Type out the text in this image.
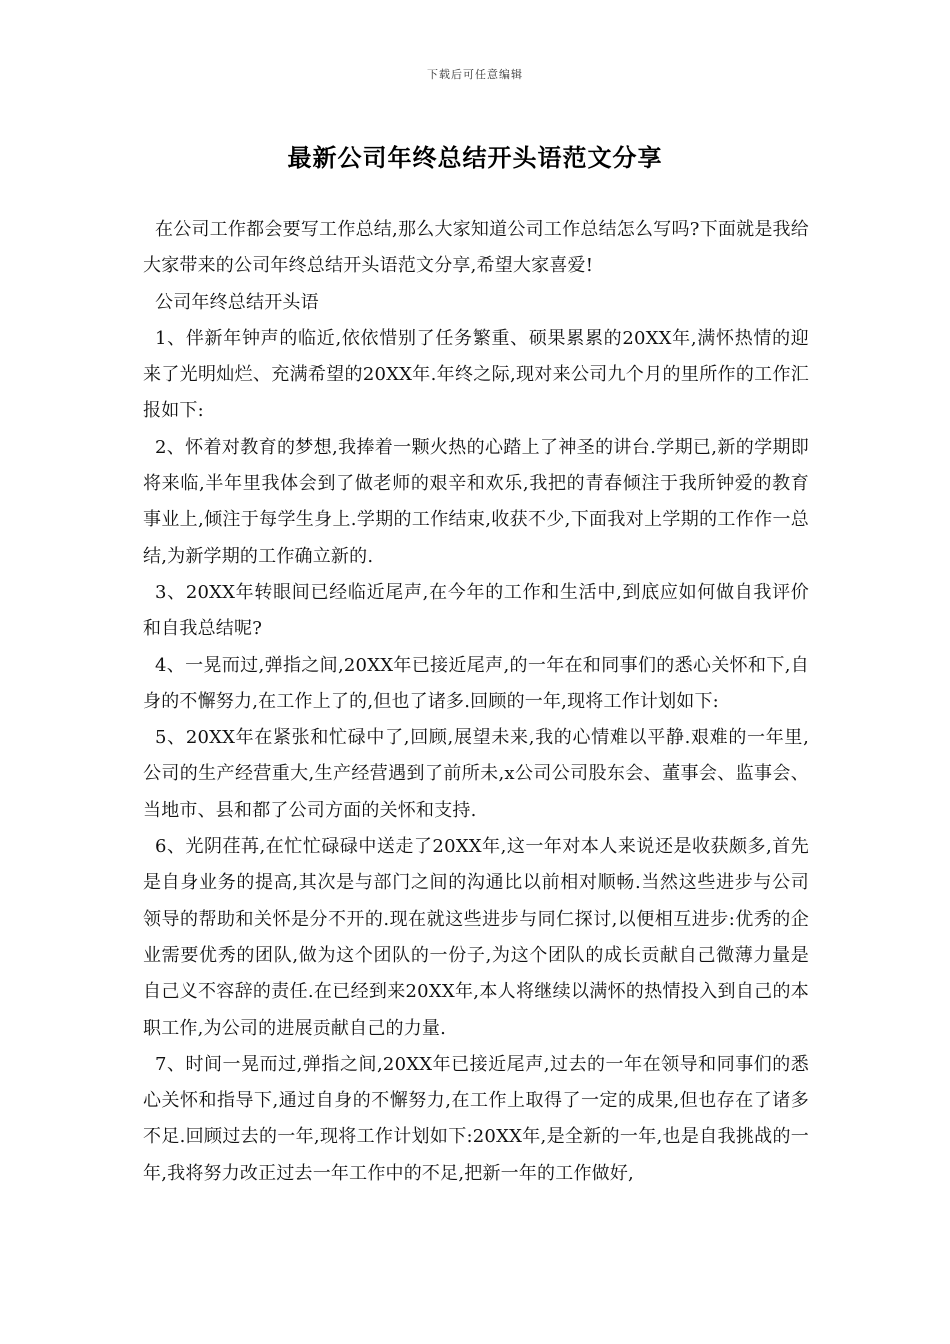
下载后可任意编辑
最新公司年终总结开头语范文分享

在公司工作都会要写工作总结,那么大家知道公司工作总结怎么写吗?下面就是我给大家带来的公司年终总结开头语范文分享,希望大家喜爱!

公司年终总结开头语

1、伴新年钟声的临近,依依惜别了任务繁重、硕果累累的20XX年,满怀热情的迎来了光明灿烂、充满希望的20XX年.年终之际,现对来公司九个月的里所作的工作汇报如下:

2、怀着对教育的梦想,我捧着一颗火热的心踏上了神圣的讲台.学期已,新的学期即将来临,半年里我体会到了做老师的艰辛和欢乐,我把的青春倾注于我所钟爱的教育事业上,倾注于每学生身上.学期的工作结束,收获不少,下面我对上学期的工作作一总结,为新学期的工作确立新的.

3、20XX年转眼间已经临近尾声,在今年的工作和生活中,到底应如何做自我评价和自我总结呢?

4、一晃而过,弹指之间,20XX年已接近尾声,的一年在和同事们的悉心关怀和下,自身的不懈努力,在工作上了的,但也了诸多.回顾的一年,现将工作计划如下:

5、20XX年在紧张和忙碌中了,回顾,展望未来,我的心情难以平静.艰难的一年里,公司的生产经营重大,生产经营遇到了前所未,x公司公司股东会、董事会、监事会、当地市、县和都了公司方面的关怀和支持.

6、光阴荏苒,在忙忙碌碌中送走了20XX年,这一年对本人来说还是收获颇多,首先是自身业务的提高,其次是与部门之间的沟通比以前相对顺畅.当然这些进步与公司领导的帮助和关怀是分不开的.现在就这些进步与同仁探讨,以便相互进步:优秀的企业需要优秀的团队,做为这个团队的一份子,为这个团队的成长贡献自己微薄力量是自己义不容辞的责任.在已经到来20XX年,本人将继续以满怀的热情投入到自己的本职工作,为公司的进展贡献自己的力量.

7、时间一晃而过,弹指之间,20XX年已接近尾声,过去的一年在领导和同事们的悉心关怀和指导下,通过自身的不懈努力,在工作上取得了一定的成果,但也存在了诸多不足.回顾过去的一年,现将工作计划如下:20XX年,是全新的一年,也是自我挑战的一年,我将努力改正过去一年工作中的不足,把新一年的工作做好,
